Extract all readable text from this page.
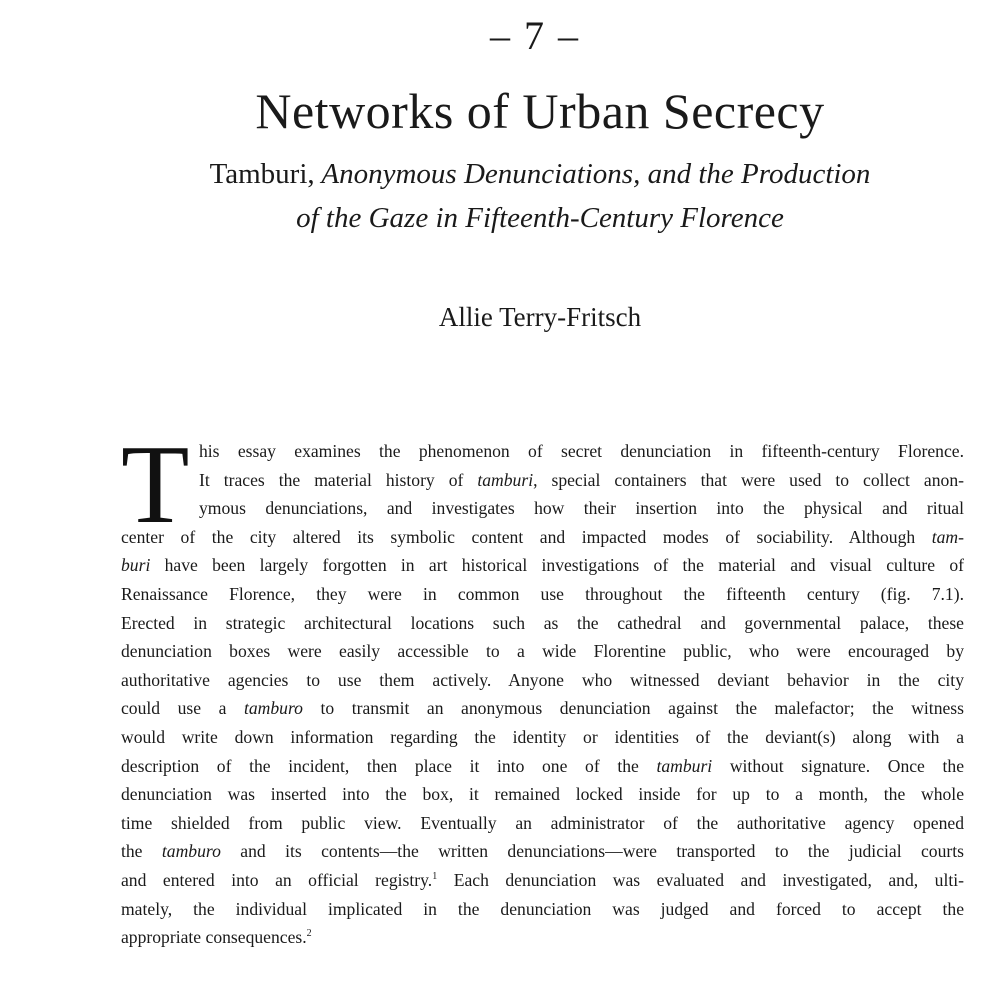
– 7 –
Networks of Urban Secrecy
Tamburi, Anonymous Denunciations, and the Production
of the Gaze in Fifteenth-Century Florence
Allie Terry-Fritsch
T his essay examines the phenomenon of secret denunciation in fifteenth-century Florence.
It traces the material history of tamburi, special containers that were used to collect anon-
ymous denunciations, and investigates how their insertion into the physical and ritual
center of the city altered its symbolic content and impacted modes of sociability. Although tam-
buri have been largely forgotten in art historical investigations of the material and visual culture of
Renaissance Florence, they were in common use throughout the fifteenth century (fig. 7.1).
Erected in strategic architectural locations such as the cathedral and governmental palace, these
denunciation boxes were easily accessible to a wide Florentine public, who were encouraged by
authoritative agencies to use them actively. Anyone who witnessed deviant behavior in the city
could use a tamburo to transmit an anonymous denunciation against the malefactor; the witness
would write down information regarding the identity or identities of the deviant(s) along with a
description of the incident, then place it into one of the tamburi without signature. Once the
denunciation was inserted into the box, it remained locked inside for up to a month, the whole
time shielded from public view. Eventually an administrator of the authoritative agency opened
the tamburo and its contents—the written denunciations—were transported to the judicial courts
and entered into an official registry.$^1$ Each denunciation was evaluated and investigated, and, ulti-
mately, the individual implicated in the denunciation was judged and forced to accept the
appropriate consequences.$^2$
